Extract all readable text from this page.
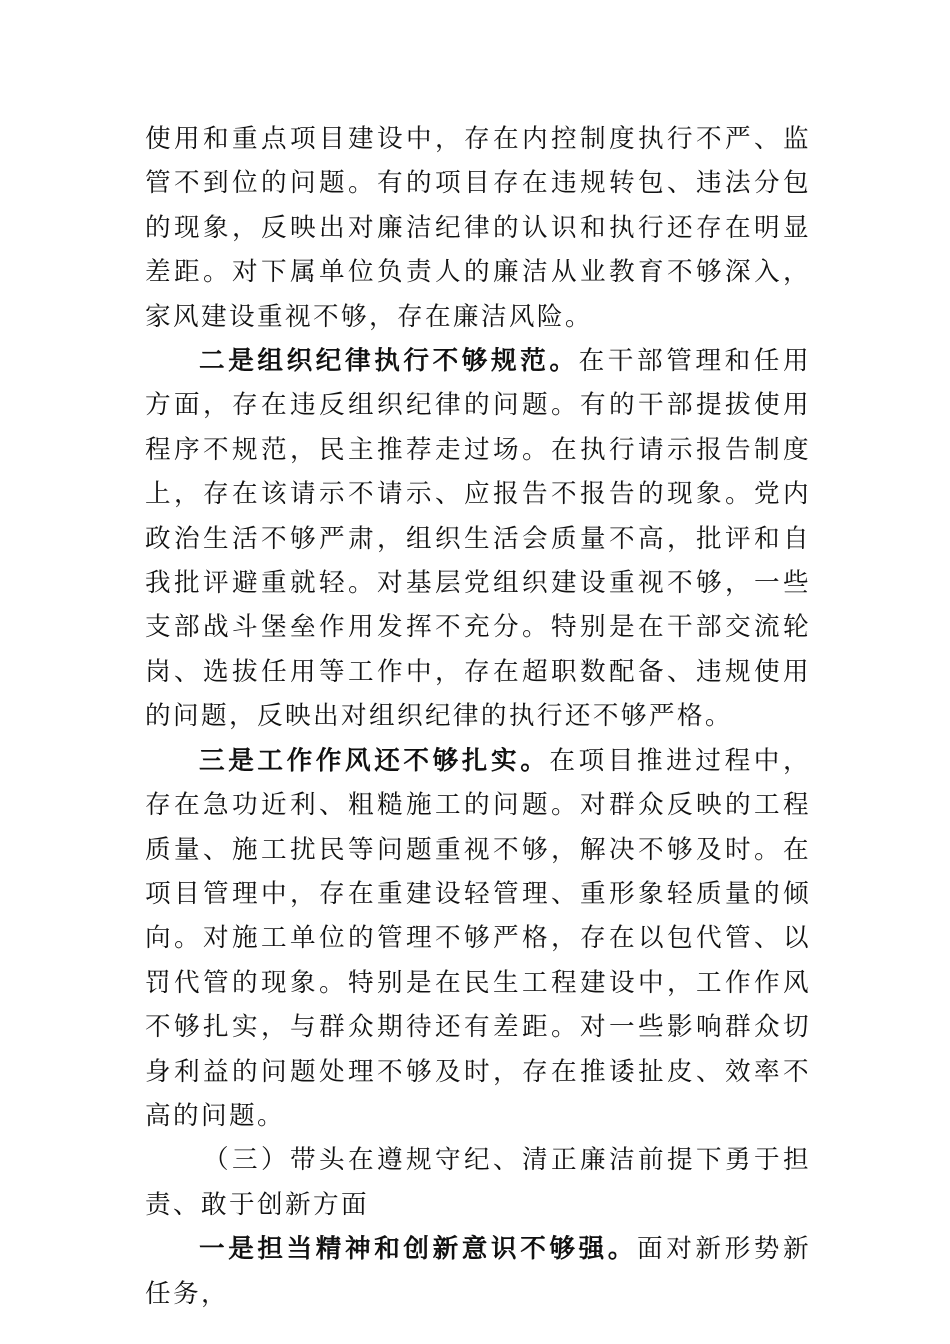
使用和重点项目建设中，存在内控制度执行不严、监管不到位的问题。有的项目存在违规转包、违法分包的现象，反映出对廉洁纪律的认识和执行还存在明显差距。对下属单位负责人的廉洁从业教育不够深入，家风建设重视不够，存在廉洁风险。

二是组织纪律执行不够规范。在干部管理和任用方面，存在违反组织纪律的问题。有的干部提拔使用程序不规范，民主推荐走过场。在执行请示报告制度上，存在该请示不请示、应报告不报告的现象。党内政治生活不够严肃，组织生活会质量不高，批评和自我批评避重就轻。对基层党组织建设重视不够，一些支部战斗堡垒作用发挥不充分。特别是在干部交流轮岗、选拔任用等工作中，存在超职数配备、违规使用的问题，反映出对组织纪律的执行还不够严格。

三是工作作风还不够扎实。在项目推进过程中，存在急功近利、粗糙施工的问题。对群众反映的工程质量、施工扰民等问题重视不够，解决不够及时。在项目管理中，存在重建设轻管理、重形象轻质量的倾向。对施工单位的管理不够严格，存在以包代管、以罚代管的现象。特别是在民生工程建设中，工作作风不够扎实，与群众期待还有差距。对一些影响群众切身利益的问题处理不够及时，存在推诿扯皮、效率不高的问题。

（三）带头在遵规守纪、清正廉洁前提下勇于担责、敢于创新方面

一是担当精神和创新意识不够强。面对新形势新任务，
